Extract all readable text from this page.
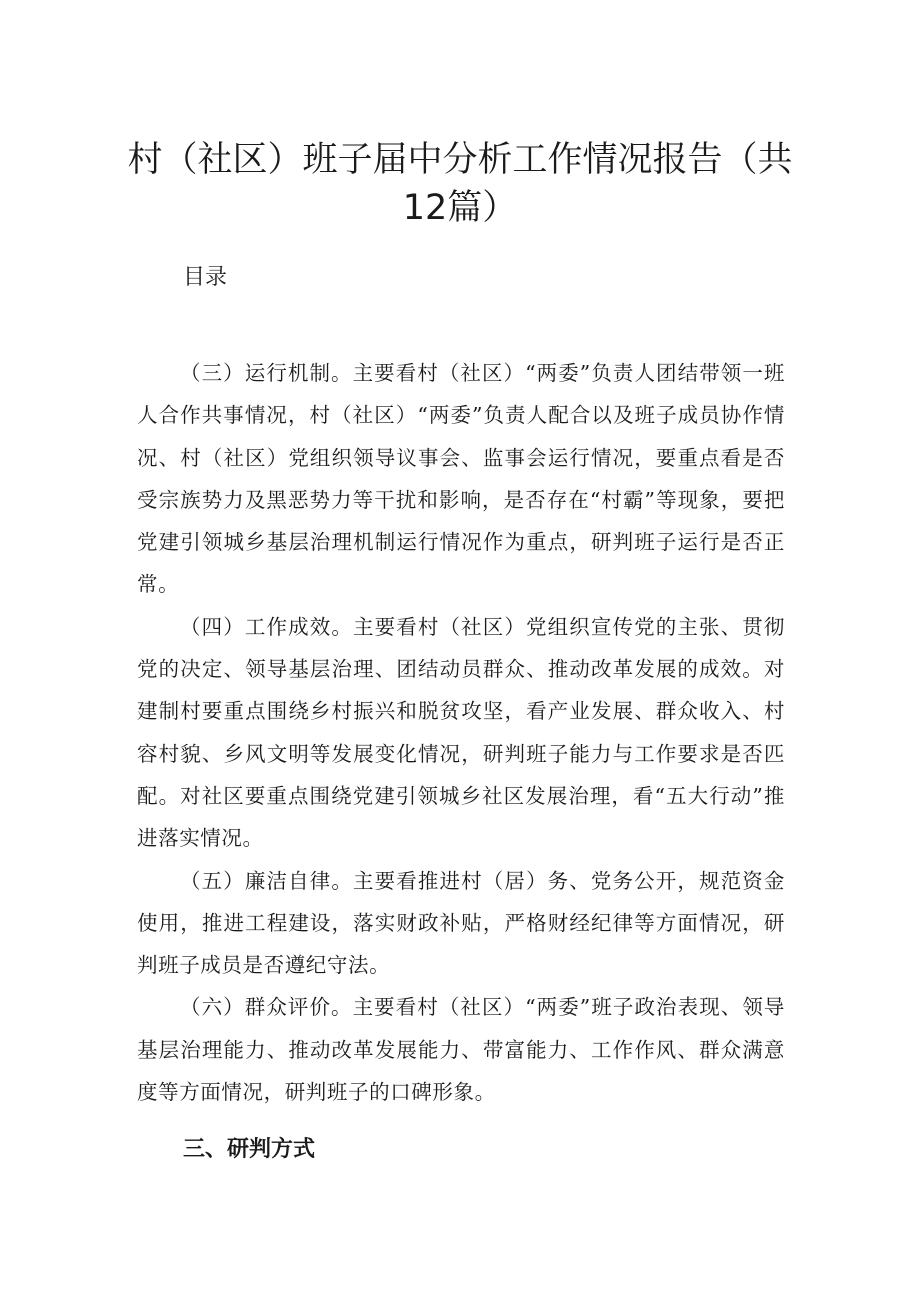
村（社区）班子届中分析工作情况报告（共12篇）
目录

（三）运行机制。主要看村（社区）“两委”负责人团结带领一班人合作共事情况，村（社区）“两委”负责人配合以及班子成员协作情况、村（社区）党组织领导议事会、监事会运行情况，要重点看是否受宗族势力及黑恶势力等干扰和影响，是否存在“村霸”等现象，要把党建引领城乡基层治理机制运行情况作为重点，研判班子运行是否正常。

（四）工作成效。主要看村（社区）党组织宣传党的主张、贯彻党的决定、领导基层治理、团结动员群众、推动改革发展的成效。对建制村要重点围绕乡村振兴和脱贫攻坚，看产业发展、群众收入、村容村貌、乡风文明等发展变化情况，研判班子能力与工作要求是否匹配。对社区要重点围绕党建引领城乡社区发展治理，看“五大行动”推进落实情况。

（五）廉洁自律。主要看推进村（居）务、党务公开，规范资金使用，推进工程建设，落实财政补贴，严格财经纪律等方面情况，研判班子成员是否遵纪守法。

（六）群众评价。主要看村（社区）“两委”班子政治表现、领导基层治理能力、推动改革发展能力、带富能力、工作作风、群众满意度等方面情况，研判班子的口碑形象。

三、研判方式
